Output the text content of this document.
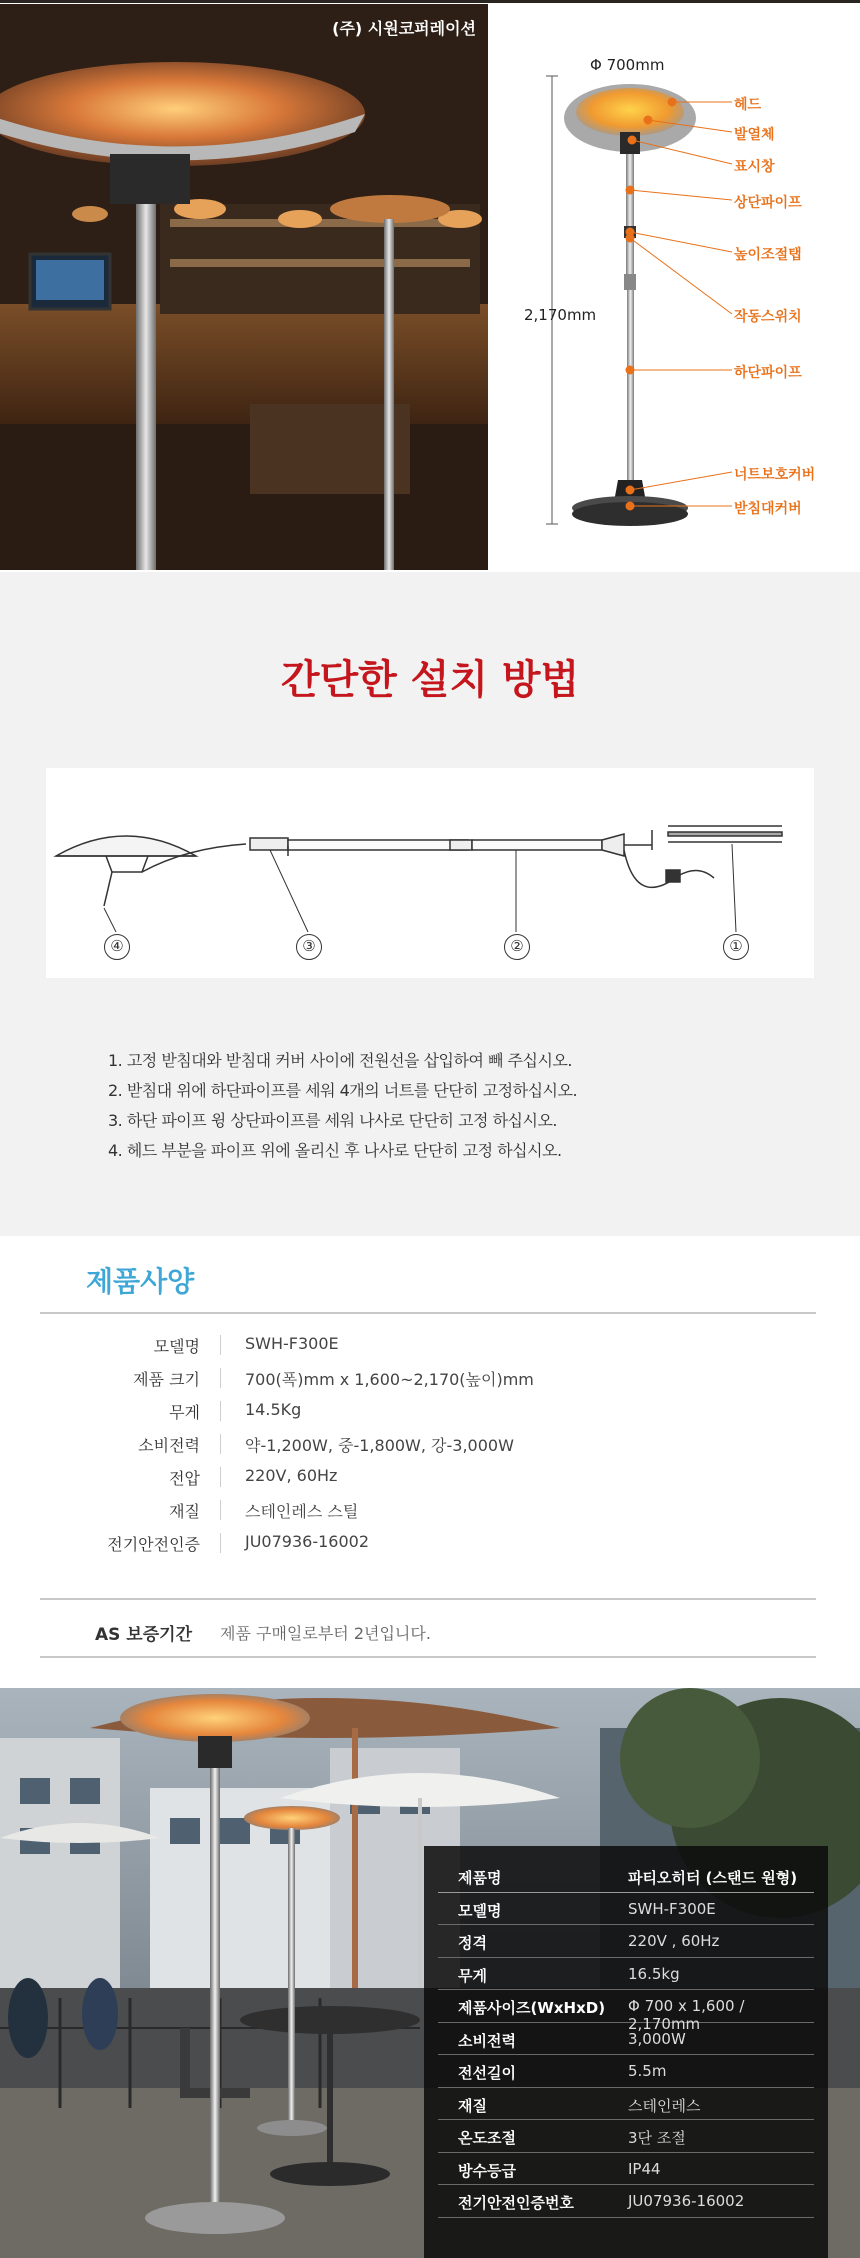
(주) 시원코퍼레이션
Φ 700mm
2,170mm
헤드
발열체
표시창
상단파이프
높이조절탭
작동스위치
하단파이프
너트보호커버
받침대커버
간단한 설치 방법
④	③	②	①
1. 고정 받침대와 받침대 커버 사이에 전원선을 삽입하여 빼 주십시오.
2. 받침대 위에 하단파이프를 세워 4개의 너트를 단단히 고정하십시오.
3. 하단 파이프 윙 상단파이프를 세워 나사로 단단히 고정 하십시오.
4. 헤드 부분을 파이프 위에 올리신 후 나사로 단단히 고정 하십시오.
제품사양
모델명	SWH-F300E
제품 크기	700(폭)mm x 1,600~2,170(높이)mm
무게	14.5Kg
소비전력	약-1,200W, 중-1,800W, 강-3,000W
전압	220V, 60Hz
재질	스테인레스 스틸
전기안전인증	JU07936-16002
AS 보증기간 제품 구매일로부터 2년입니다.
제품명	파티오히터 (스탠드 원형)
모델명	SWH-F300E
정격	220V , 60Hz
무게	16.5kg
제품사이즈(WxHxD) Φ 700 x 1,600 / 2,170mm
소비전력	3,000W
전선길이	5.5m
재질	스테인레스
온도조절	3단 조절
방수등급	IP44
전기안전인증번호	JU07936-16002
